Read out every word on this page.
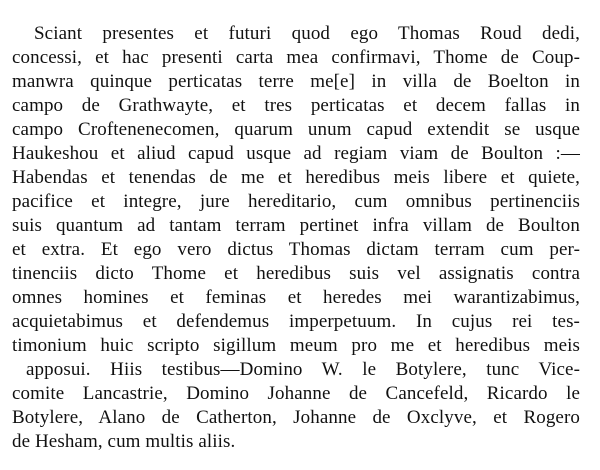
Sciant presentes et futuri quod ego Thomas Roud dedi,
concessi, et hac presenti carta mea confirmavi, Thome de Coup-
manwra quinque perticatas terre me[e] in villa de Boelton in
campo de Grathwayte, et tres perticatas et decem fallas in
campo Croftenenecomen, quarum unum capud extendit se usque
Haukeshou et aliud capud usque ad regiam viam de Boulton :—
Habendas et tenendas de me et heredibus meis libere et quiete,
pacifice et integre, jure hereditario, cum omnibus pertinenciis
suis quantum ad tantam terram pertinet infra villam de Boulton
et extra. Et ego vero dictus Thomas dictam terram cum per-
tinenciis dicto Thome et heredibus suis vel assignatis contra
omnes homines et feminas et heredes mei warantizabimus,
acquietabimus et defendemus imperpetuum. In cujus rei tes-
timonium huic scripto sigillum meum pro me et heredibus meis
apposui. Hiis testibus—Domino W. le Botylere, tunc Vice-
comite Lancastrie, Domino Johanne de Cancefeld, Ricardo le
Botylere, Alano de Catherton, Johanne de Oxclyve, et Rogero
de Hesham, cum multis aliis.
